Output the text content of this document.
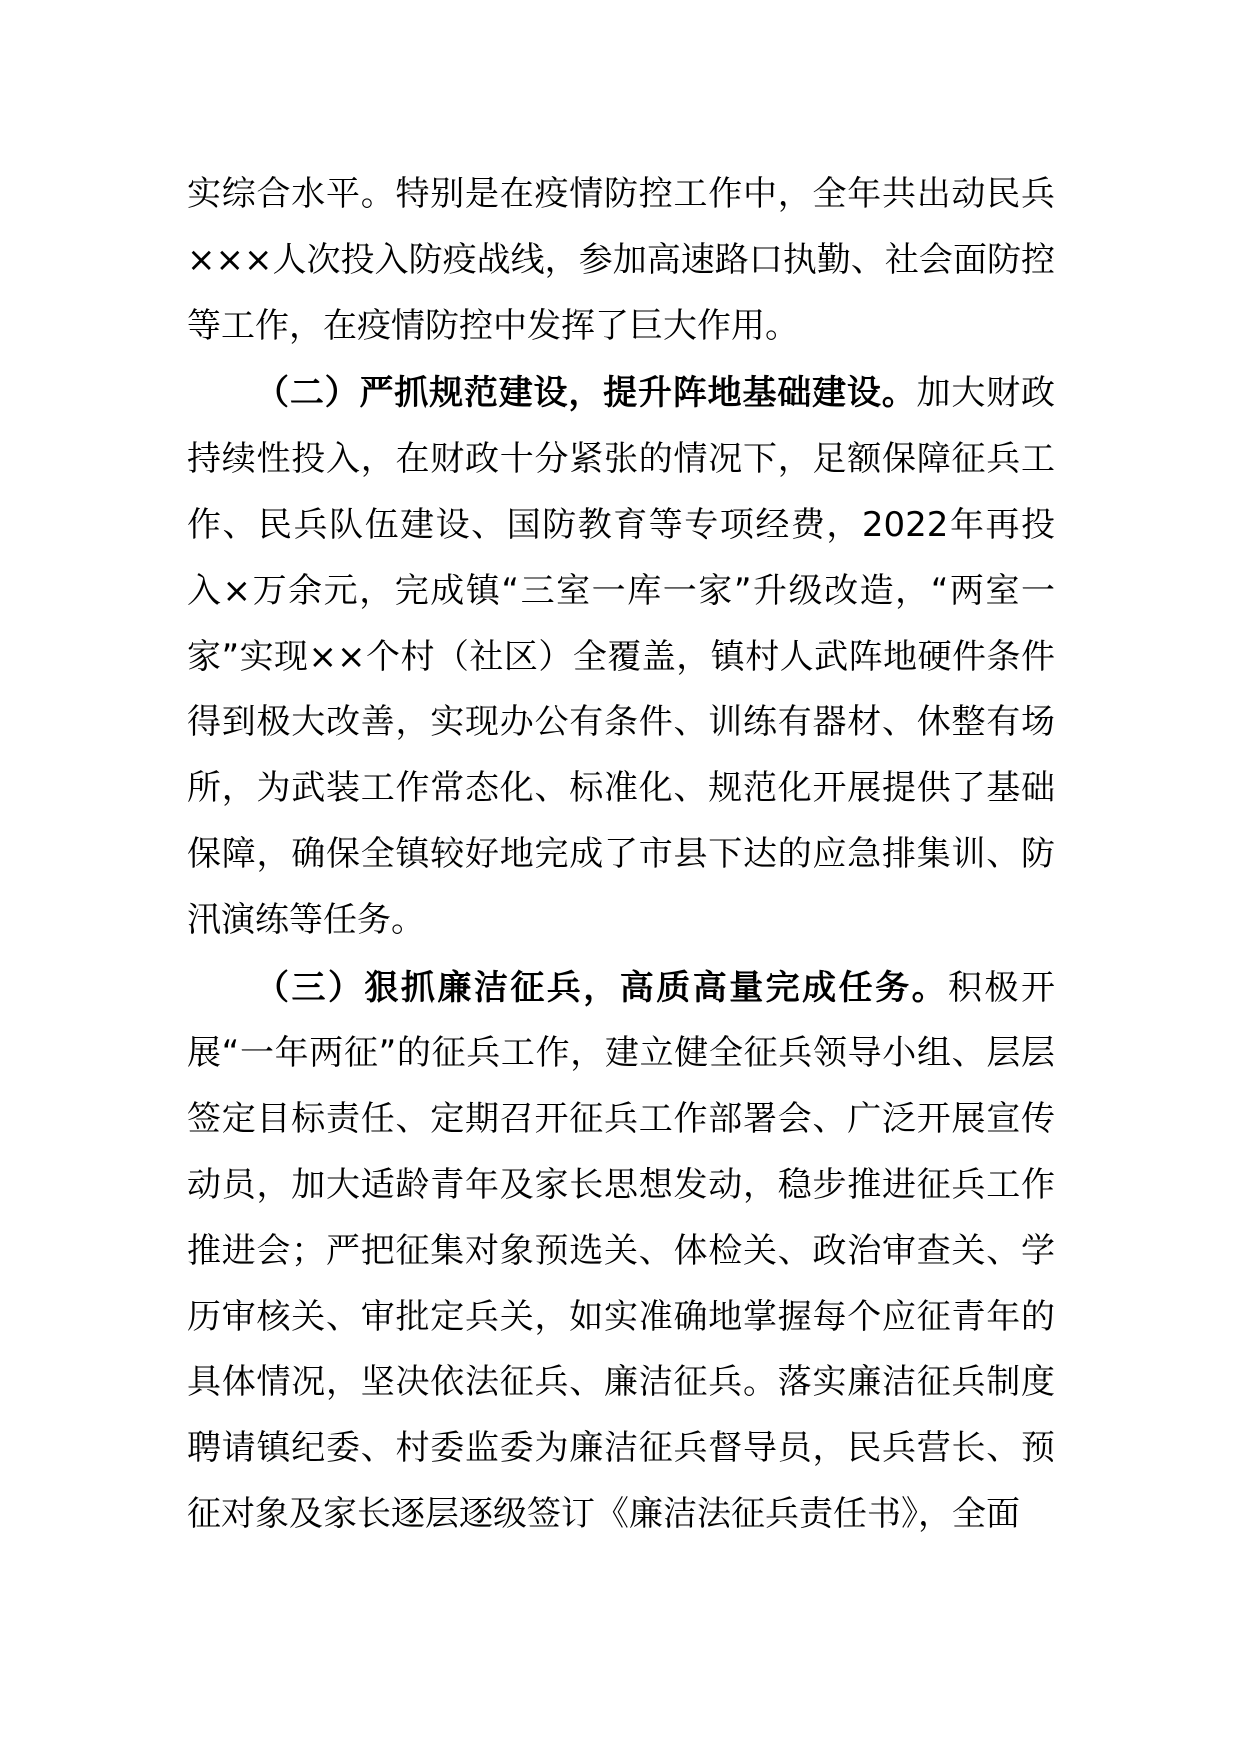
实综合水平。特别是在疫情防控工作中，全年共出动民兵×××人次投入防疫战线，参加高速路口执勤、社会面防控等工作，在疫情防控中发挥了巨大作用。

（二）严抓规范建设，提升阵地基础建设。加大财政持续性投入，在财政十分紧张的情况下，足额保障征兵工作、民兵队伍建设、国防教育等专项经费，2022年再投入×万余元，完成镇“三室一库一家”升级改造，“两室一家”实现××个村（社区）全覆盖，镇村人武阵地硬件条件得到极大改善，实现办公有条件、训练有器材、休整有场所，为武装工作常态化、标准化、规范化开展提供了基础保障，确保全镇较好地完成了市县下达的应急排集训、防汛演练等任务。

（三）狠抓廉洁征兵，高质高量完成任务。积极开展“一年两征”的征兵工作，建立健全征兵领导小组、层层签定目标责任、定期召开征兵工作部署会、广泛开展宣传动员，加大适龄青年及家长思想发动，稳步推进征兵工作推进会；严把征集对象预选关、体检关、政治审查关、学历审核关、审批定兵关，如实准确地掌握每个应征青年的具体情况，坚决依法征兵、廉洁征兵。落实廉洁征兵制度聘请镇纪委、村委监委为廉洁征兵督导员，民兵营长、预征对象及家长逐层逐级签订《廉洁法征兵责任书》，全面
